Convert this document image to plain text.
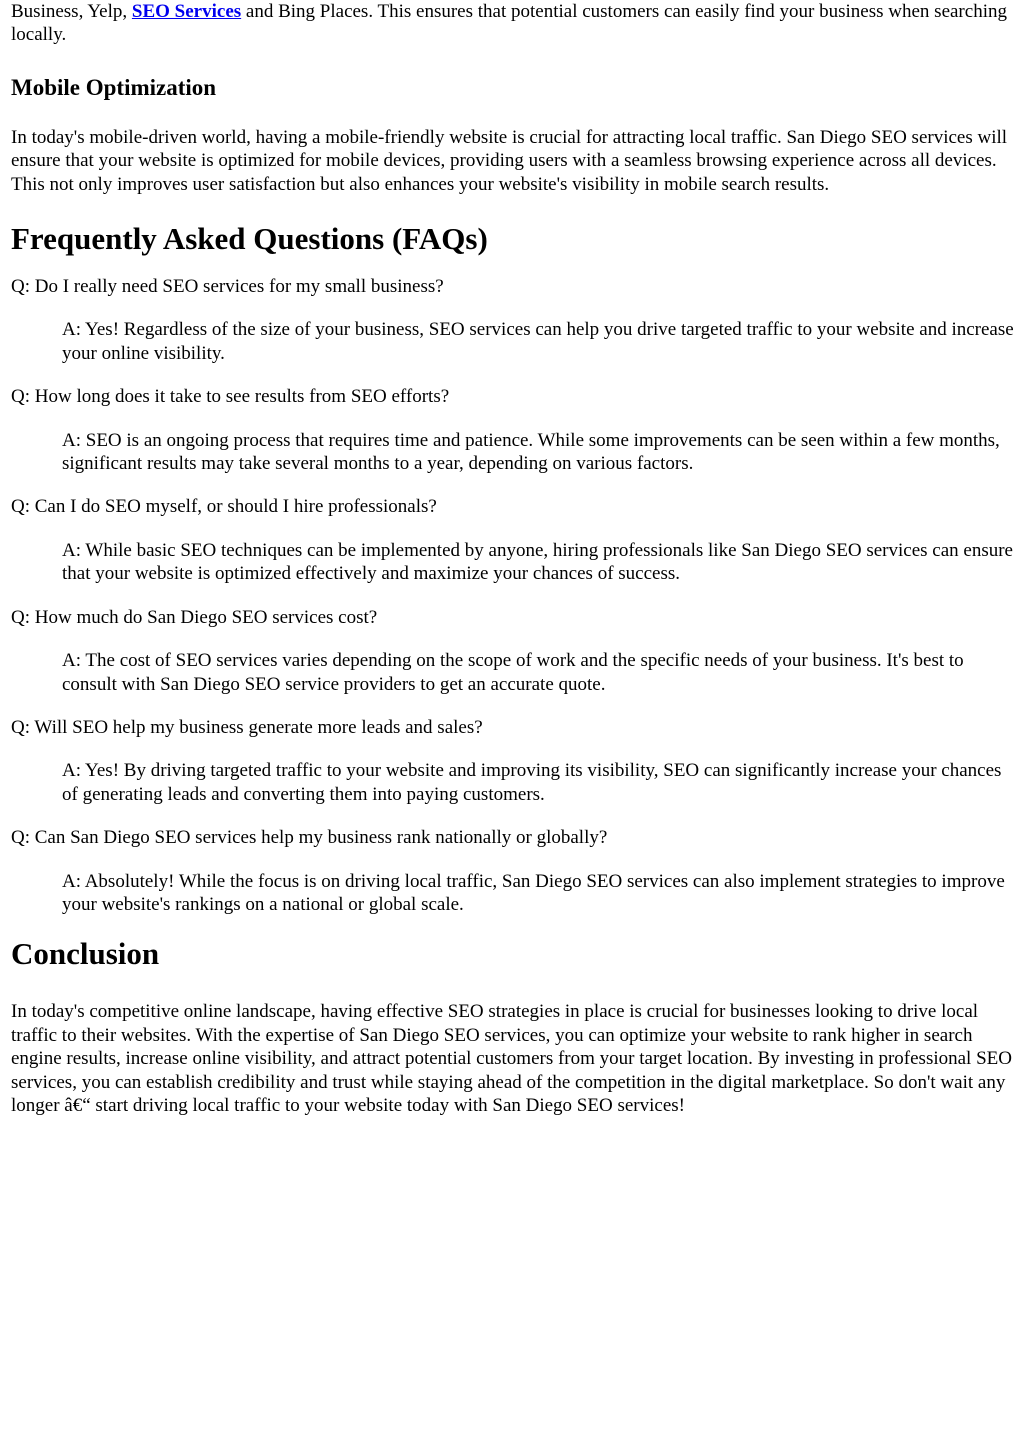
Business, Yelp, SEO Services and Bing Places. This ensures that potential customers can easily find your business when searching locally.

Mobile Optimization

In today's mobile-driven world, having a mobile-friendly website is crucial for attracting local traffic. San Diego SEO services will ensure that your website is optimized for mobile devices, providing users with a seamless browsing experience across all devices. This not only improves user satisfaction but also enhances your website's visibility in mobile search results.

Frequently Asked Questions (FAQs)

Q: Do I really need SEO services for my small business?

A: Yes! Regardless of the size of your business, SEO services can help you drive targeted traffic to your website and increase your online visibility.

Q: How long does it take to see results from SEO efforts?

A: SEO is an ongoing process that requires time and patience. While some improvements can be seen within a few months, significant results may take several months to a year, depending on various factors.

Q: Can I do SEO myself, or should I hire professionals?

A: While basic SEO techniques can be implemented by anyone, hiring professionals like San Diego SEO services can ensure that your website is optimized effectively and maximize your chances of success.

Q: How much do San Diego SEO services cost?

A: The cost of SEO services varies depending on the scope of work and the specific needs of your business. It's best to consult with San Diego SEO service providers to get an accurate quote.

Q: Will SEO help my business generate more leads and sales?

A: Yes! By driving targeted traffic to your website and improving its visibility, SEO can significantly increase your chances of generating leads and converting them into paying customers.

Q: Can San Diego SEO services help my business rank nationally or globally?

A: Absolutely! While the focus is on driving local traffic, San Diego SEO services can also implement strategies to improve your website's rankings on a national or global scale.

Conclusion

In today's competitive online landscape, having effective SEO strategies in place is crucial for businesses looking to drive local traffic to their websites. With the expertise of San Diego SEO services, you can optimize your website to rank higher in search engine results, increase online visibility, and attract potential customers from your target location. By investing in professional SEO services, you can establish credibility and trust while staying ahead of the competition in the digital marketplace. So don't wait any longer â€“ start driving local traffic to your website today with San Diego SEO services!
